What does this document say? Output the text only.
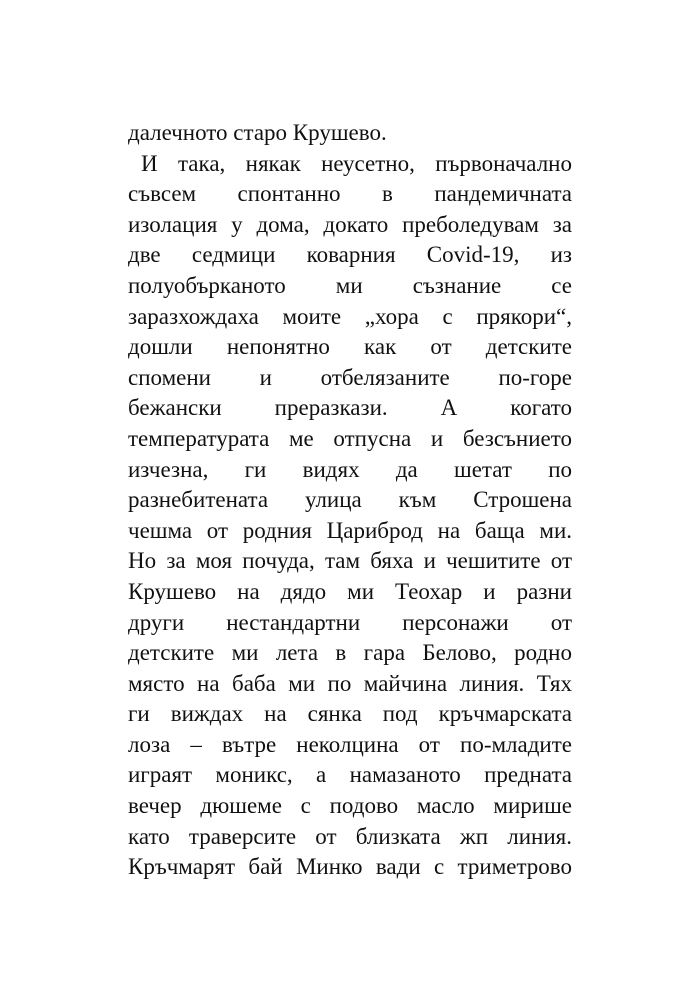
далечното старо Крушево.
И така, някак неусетно, първоначално
съвсем спонтанно в пандемичната
изолация у дома, докато преболедувам за
две седмици коварния Covid-19, из
полуобърканото ми съзнание се
заразхождаха моите „хора с прякори“,
дошли непонятно как от детските
спомени и отбелязаните по-горе
бежански преразкази. А когато
температурата ме отпусна и безсънието
изчезна, ги видях да шетат по
разнебитената улица към Строшена
чешма от родния Цариброд на баща ми.
Но за моя почуда, там бяха и чешитите от
Крушево на дядо ми Теохар и разни
други нестандартни персонажи от
детските ми лета в гара Белово, родно
място на баба ми по майчина линия. Тях
ги виждах на сянка под кръчмарската
лоза – вътре неколцина от по-младите
играят моникс, а намазаното предната
вечер дюшеме с подово масло мирише
като траверсите от близката жп линия.
Кръчмарят бай Минко вади с триметрово
